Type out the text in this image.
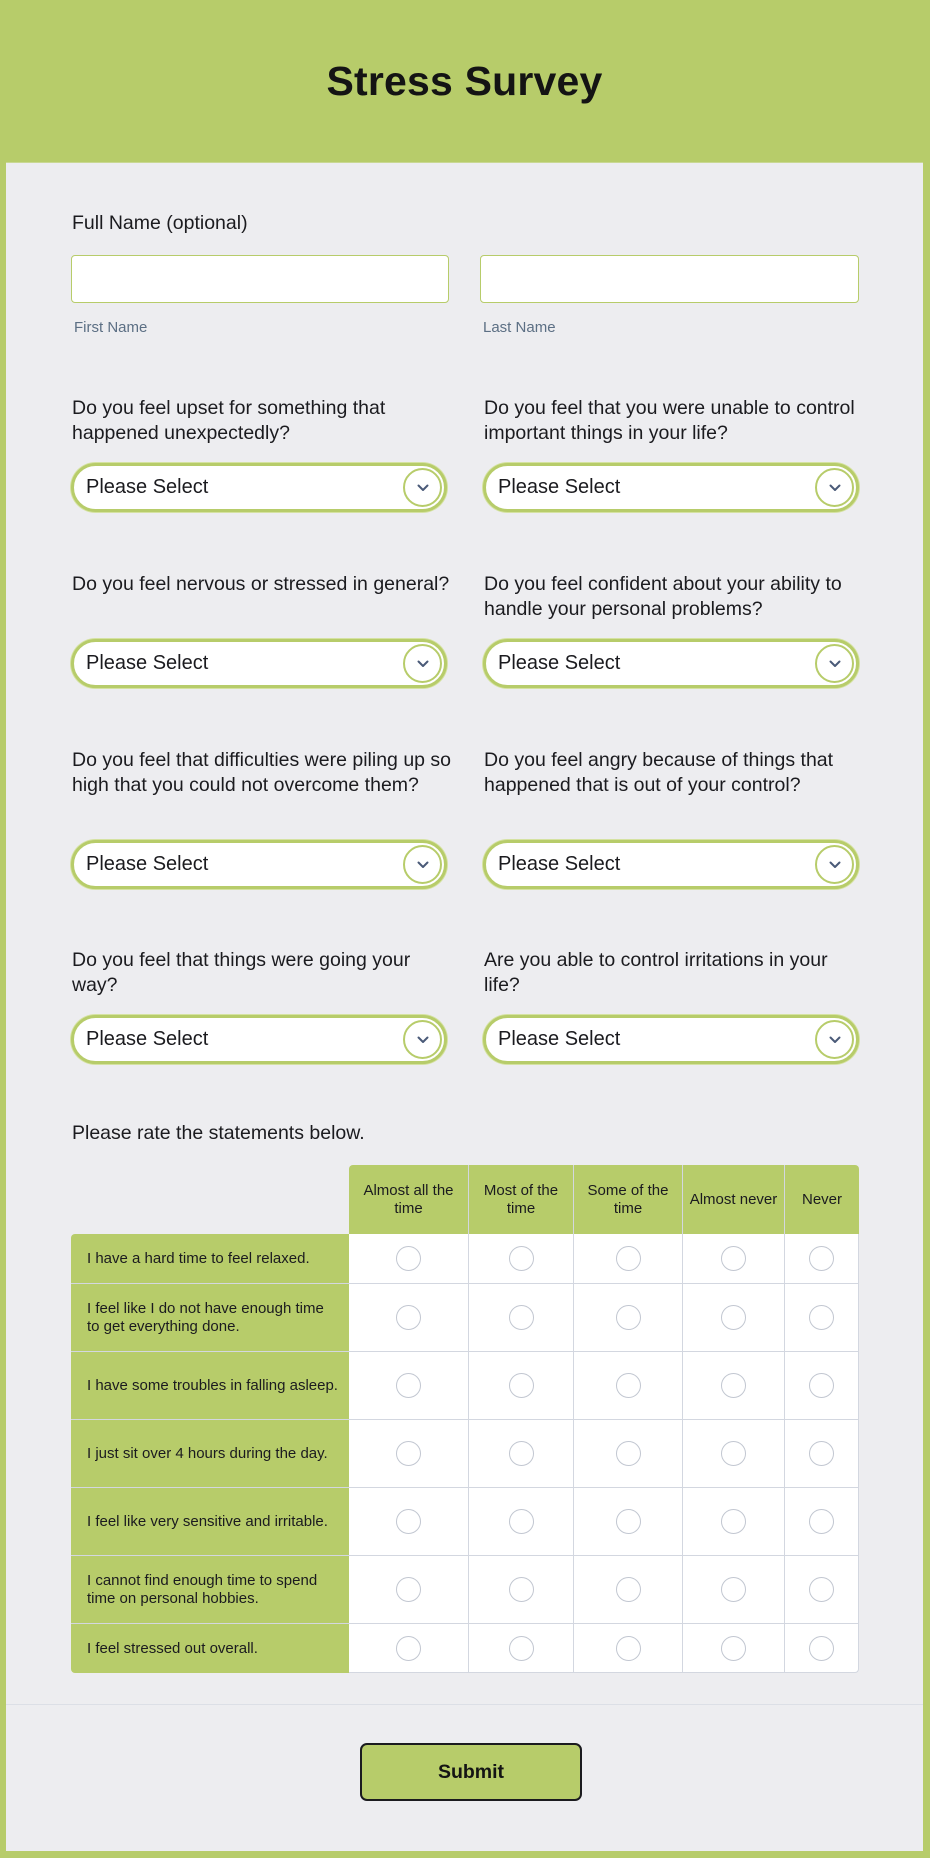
Stress Survey
Full Name (optional)
First Name	Last Name
Do you feel upset for something that happened unexpectedly?
Please Select
Do you feel that you were unable to control important things in your life?
Please Select
Do you feel nervous or stressed in general?
Please Select
Do you feel confident about your ability to handle your personal problems?
Please Select
Do you feel that difficulties were piling up so high that you could not overcome them?
Please Select
Do you feel angry because of things that happened that is out of your control?
Please Select
Do you feel that things were going your way?
Please Select
Are you able to control irritations in your life?
Please Select
Please rate the statements below.
Almost all the time
Most of the time
Some of the time
Almost never	Never
I have a hard time to feel relaxed.
I feel like I do not have enough time to get everything done.
I have some troubles in falling asleep.
I just sit over 4 hours during the day.
I feel like very sensitive and irritable.
I cannot find enough time to spend time on personal hobbies.
I feel stressed out overall.
Submit
